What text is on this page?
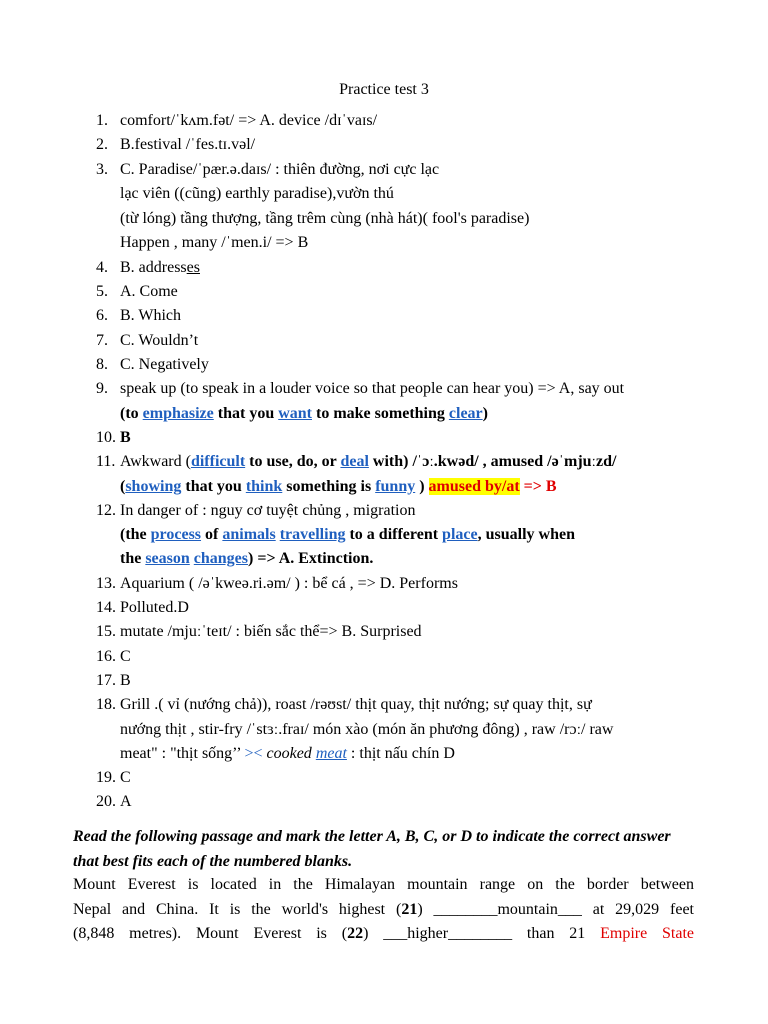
Practice test 3
1. comfort/ˈkʌm.fət/ => A. device /dɪˈvaɪs/
2. B.festival /ˈfes.tɪ.vəl/
3. C. Paradise/ˈpær.ə.daɪs/ : thiên đường, nơi cực lạc
lạc viên ((cũng) earthly paradise),vườn thú
(từ lóng) tầng thượng, tầng trêm cùng (nhà hát)( fool's paradise)
Happen , many /ˈmen.i/ => B
4. B. addresses
5. A. Come
6. B. Which
7. C. Wouldn’t
8. C. Negatively
9. speak up (to speak in a louder voice so that people can hear you) => A, say out
(to emphasize that you want to make something clear)
10. B
11. Awkward (difficult to use, do, or deal with) /ˈɔː.kwəd/ , amused /əˈmjuːzd/
(showing that you think something is funny ) amused by/at => B
12. In danger of : nguy cơ tuyệt chủng , migration
(the process of animals travelling to a different place, usually when
the season changes) => A. Extinction.
13. Aquarium ( /əˈkweə.ri.əm/ ) : bể cá , => D. Performs
14. Polluted.D
15. mutate /mjuːˈteɪt/ : biến sắc thể=> B. Surprised
16. C
17. B
18. Grill .( vỉ (nướng chả)), roast /rəʊst/ thịt quay, thịt nướng; sự quay thịt, sự
nướng thịt , stir-fry /ˈstɜː.fraɪ/ món xào (món ăn phương đông) , raw /rɔː/ raw
meat" : "thịt sống’’ >< cooked meat : thịt nấu chín D
19. C
20. A
Read the following passage and mark the letter A, B, C, or D to indicate the correct answer that best fits each of the numbered blanks.
Mount Everest is located in the Himalayan mountain range on the border between
Nepal and China. It is the world's highest (21) ________mountain___ at 29,029 feet
(8,848 metres). Mount Everest is (22) ___higher________ than 21 Empire State
